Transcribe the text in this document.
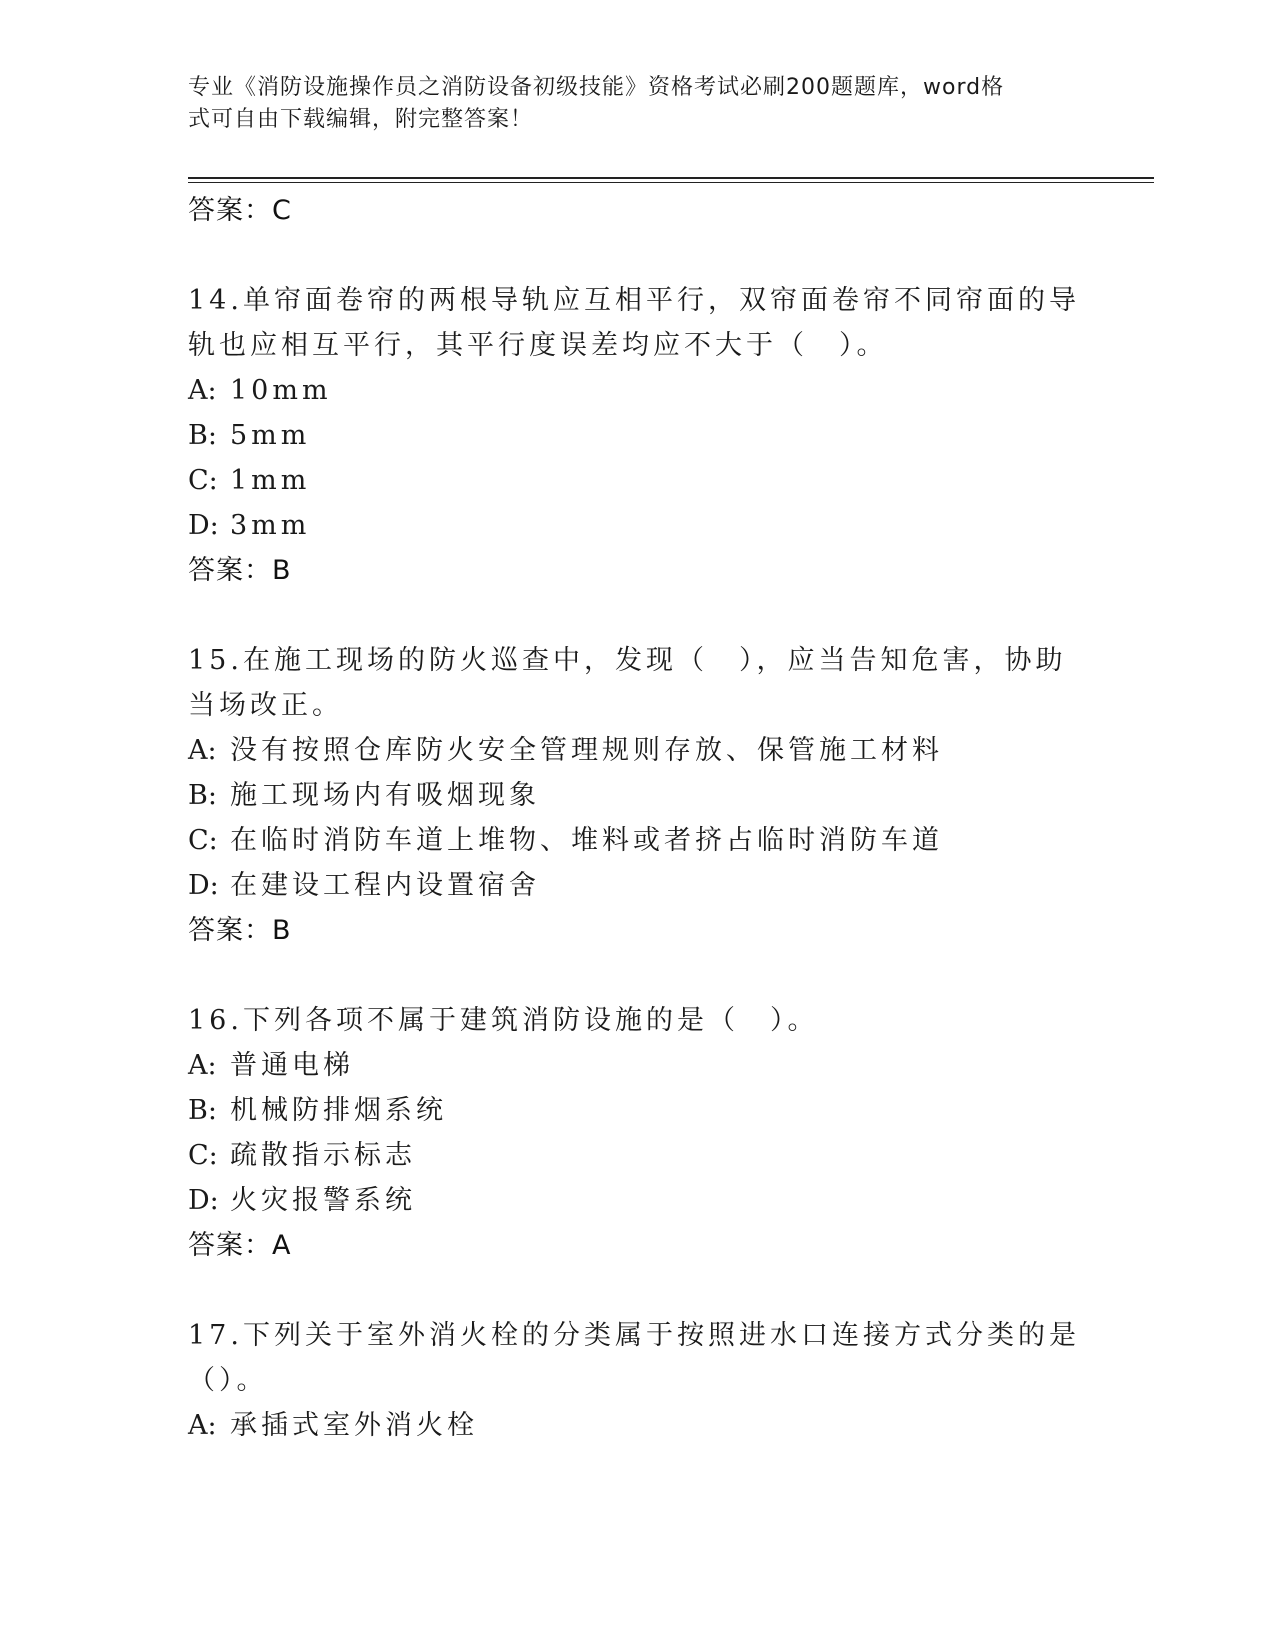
专业《消防设施操作员之消防设备初级技能》资格考试必刷200题题库，word格
式可自由下载编辑，附完整答案！
答案：C
14.单帘面卷帘的两根导轨应互相平行，双帘面卷帘不同帘面的导轨也应相互平行，其平行度误差均应不大于（　）。
A: 10mm
B: 5mm
C: 1mm
D: 3mm
答案：B
15.在施工现场的防火巡查中，发现（　），应当告知危害，协助当场改正。
A: 没有按照仓库防火安全管理规则存放、保管施工材料
B: 施工现场内有吸烟现象
C: 在临时消防车道上堆物、堆料或者挤占临时消防车道
D: 在建设工程内设置宿舍
答案：B
16.下列各项不属于建筑消防设施的是（　）。
A: 普通电梯
B: 机械防排烟系统
C: 疏散指示标志
D: 火灾报警系统
答案：A
17.下列关于室外消火栓的分类属于按照进水口连接方式分类的是（）。
A: 承插式室外消火栓
